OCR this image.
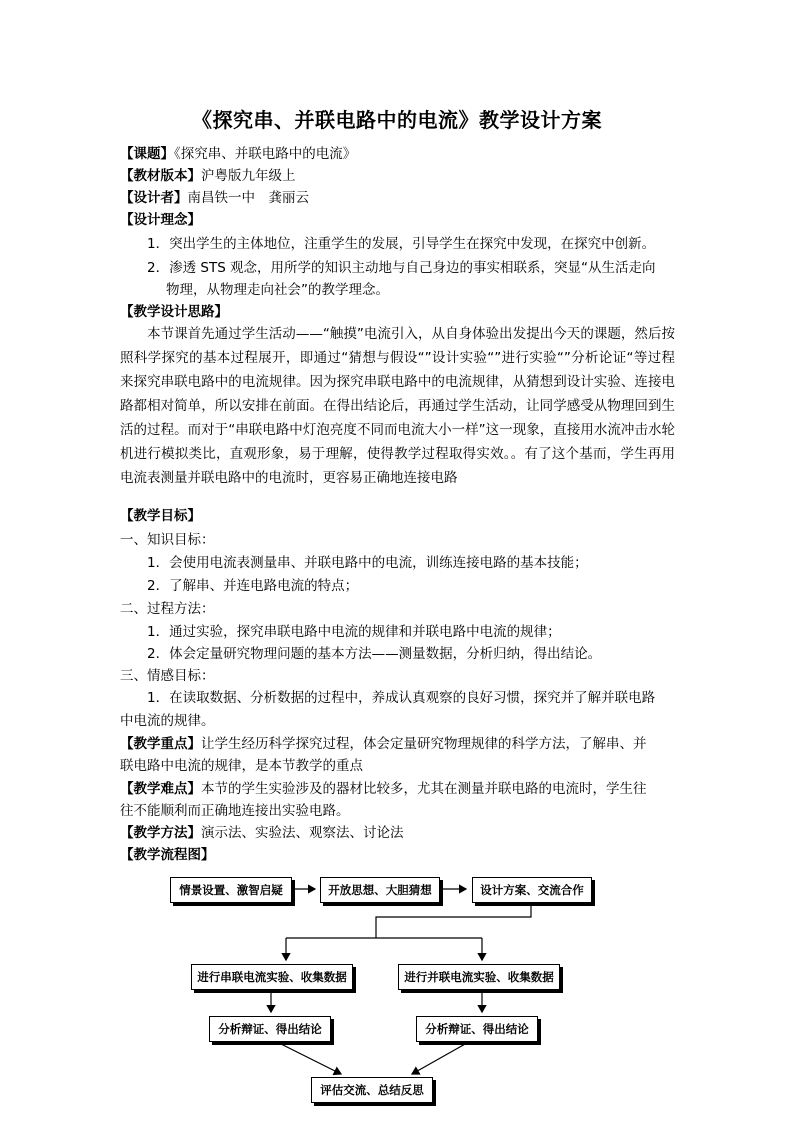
《探究串、并联电路中的电流》教学设计方案
【课题】《探究串、并联电路中的电流》
【教材版本】沪粤版九年级上
【设计者】南昌铁一中　龚丽云
【设计理念】
1．突出学生的主体地位，注重学生的发展，引导学生在探究中发现，在探究中创新。
2．渗透 STS 观念，用所学的知识主动地与自己身边的事实相联系，突显“从生活走向
物理，从物理走向社会”的教学理念。
【教学设计思路】
本节课首先通过学生活动——“触摸”电流引入，从自身体验出发提出今天的课题，然后按照科学探究的基本过程展开，即通过“猜想与假设“”设计实验“”进行实验“”分析论证“等过程来探究串联电路中的电流规律。因为探究串联电路中的电流规律，从猜想到设计实验、连接电路都相对简单，所以安排在前面。在得出结论后，再通过学生活动，让同学感受从物理回到生活的过程。而对于“串联电路中灯泡亮度不同而电流大小一样”这一现象，直接用水流冲击水轮机进行模拟类比，直观形象，易于理解，使得教学过程取得实效。。有了这个基而，学生再用电流表测量并联电路中的电流时，更容易正确地连接电路
【教学目标】
一、知识目标：
1．会使用电流表测量串、并联电路中的电流，训练连接电路的基本技能；
2．了解串、并连电路电流的特点；
二、过程方法：
1．通过实验，探究串联电路中电流的规律和并联电路中电流的规律；
2．体会定量研究物理问题的基本方法——测量数据，分析归纳，得出结论。
三、情感目标：
1．在读取数据、分析数据的过程中，养成认真观察的良好习惯，探究并了解并联电路
中电流的规律。
【教学重点】让学生经历科学探究过程，体会定量研究物理规律的科学方法，了解串、并
联电路中电流的规律，是本节教学的重点
【教学难点】本节的学生实验涉及的器材比较多，尤其在测量并联电路的电流时，学生往
往不能顺利而正确地连接出实验电路。
【教学方法】演示法、实验法、观察法、讨论法
【教学流程图】
情景设置、激智启疑	开放思想、大胆猜想	设计方案、交流合作
进行串联电流实验、收集数据	进行并联电流实验、收集数据
分析辩证、得出结论	分析辩证、得出结论
评估交流、总结反思
